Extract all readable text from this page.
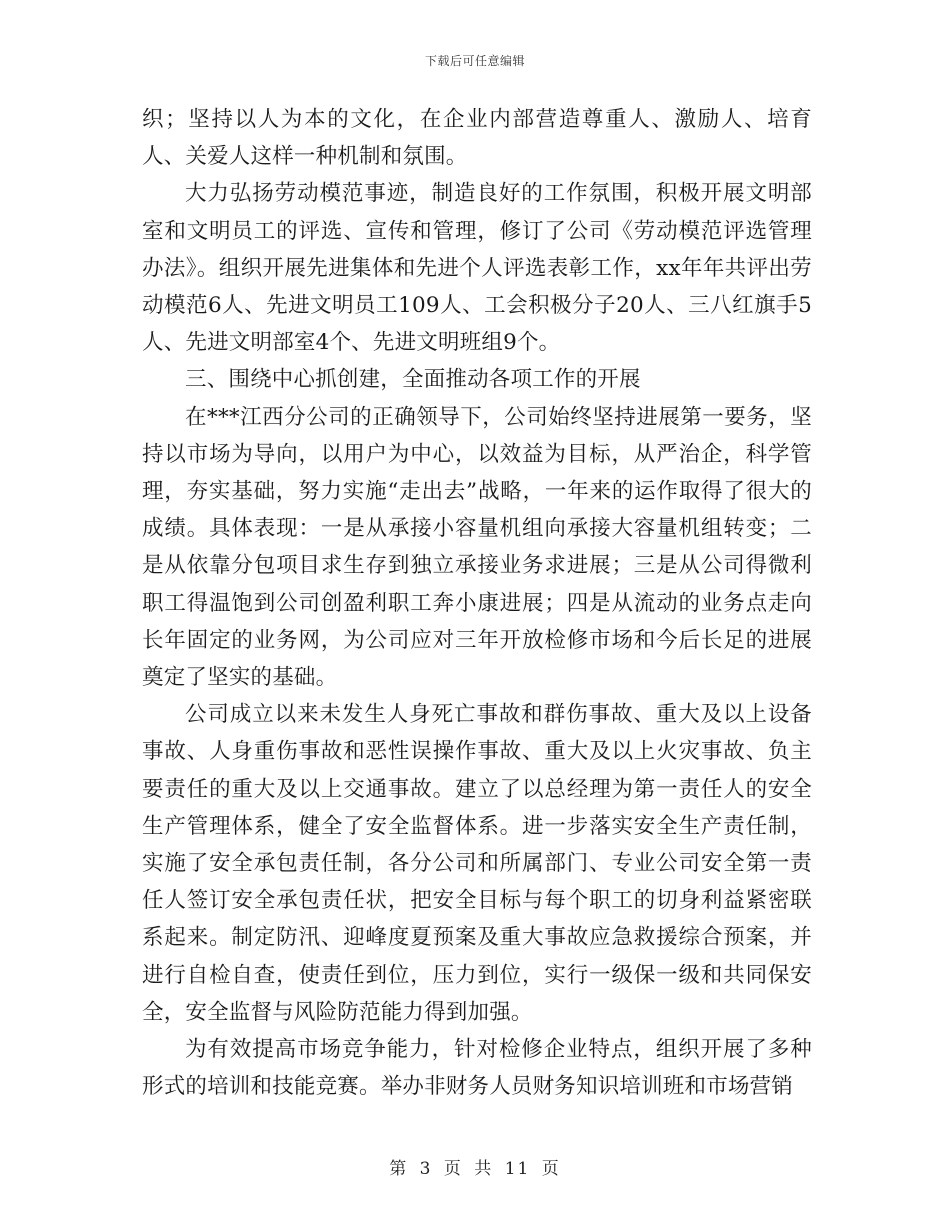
下载后可任意编辑

织；坚持以人为本的文化，在企业内部营造尊重人、激励人、培育人、关爱人这样一种机制和氛围。

大力弘扬劳动模范事迹，制造良好的工作氛围，积极开展文明部室和文明员工的评选、宣传和管理，修订了公司《劳动模范评选管理办法》。组织开展先进集体和先进个人评选表彰工作，xx年年共评出劳动模范6人、先进文明员工109人、工会积极分子20人、三八红旗手5人、先进文明部室4个、先进文明班组9个。

三、围绕中心抓创建，全面推动各项工作的开展

在***江西分公司的正确领导下，公司始终坚持进展第一要务，坚持以市场为导向，以用户为中心，以效益为目标，从严治企，科学管理，夯实基础，努力实施“走出去”战略，一年来的运作取得了很大的成绩。具体表现：一是从承接小容量机组向承接大容量机组转变；二是从依靠分包项目求生存到独立承接业务求进展；三是从公司得微利职工得温饱到公司创盈利职工奔小康进展；四是从流动的业务点走向长年固定的业务网，为公司应对三年开放检修市场和今后长足的进展奠定了坚实的基础。

公司成立以来未发生人身死亡事故和群伤事故、重大及以上设备事故、人身重伤事故和恶性误操作事故、重大及以上火灾事故、负主要责任的重大及以上交通事故。建立了以总经理为第一责任人的安全生产管理体系，健全了安全监督体系。进一步落实安全生产责任制，实施了安全承包责任制，各分公司和所属部门、专业公司安全第一责任人签订安全承包责任状，把安全目标与每个职工的切身利益紧密联系起来。制定防汛、迎峰度夏预案及重大事故应急救援综合预案，并进行自检自查，使责任到位，压力到位，实行一级保一级和共同保安全，安全监督与风险防范能力得到加强。

为有效提高市场竞争能力，针对检修企业特点，组织开展了多种形式的培训和技能竞赛。举办非财务人员财务知识培训班和市场营销

第 3 页 共 11 页
